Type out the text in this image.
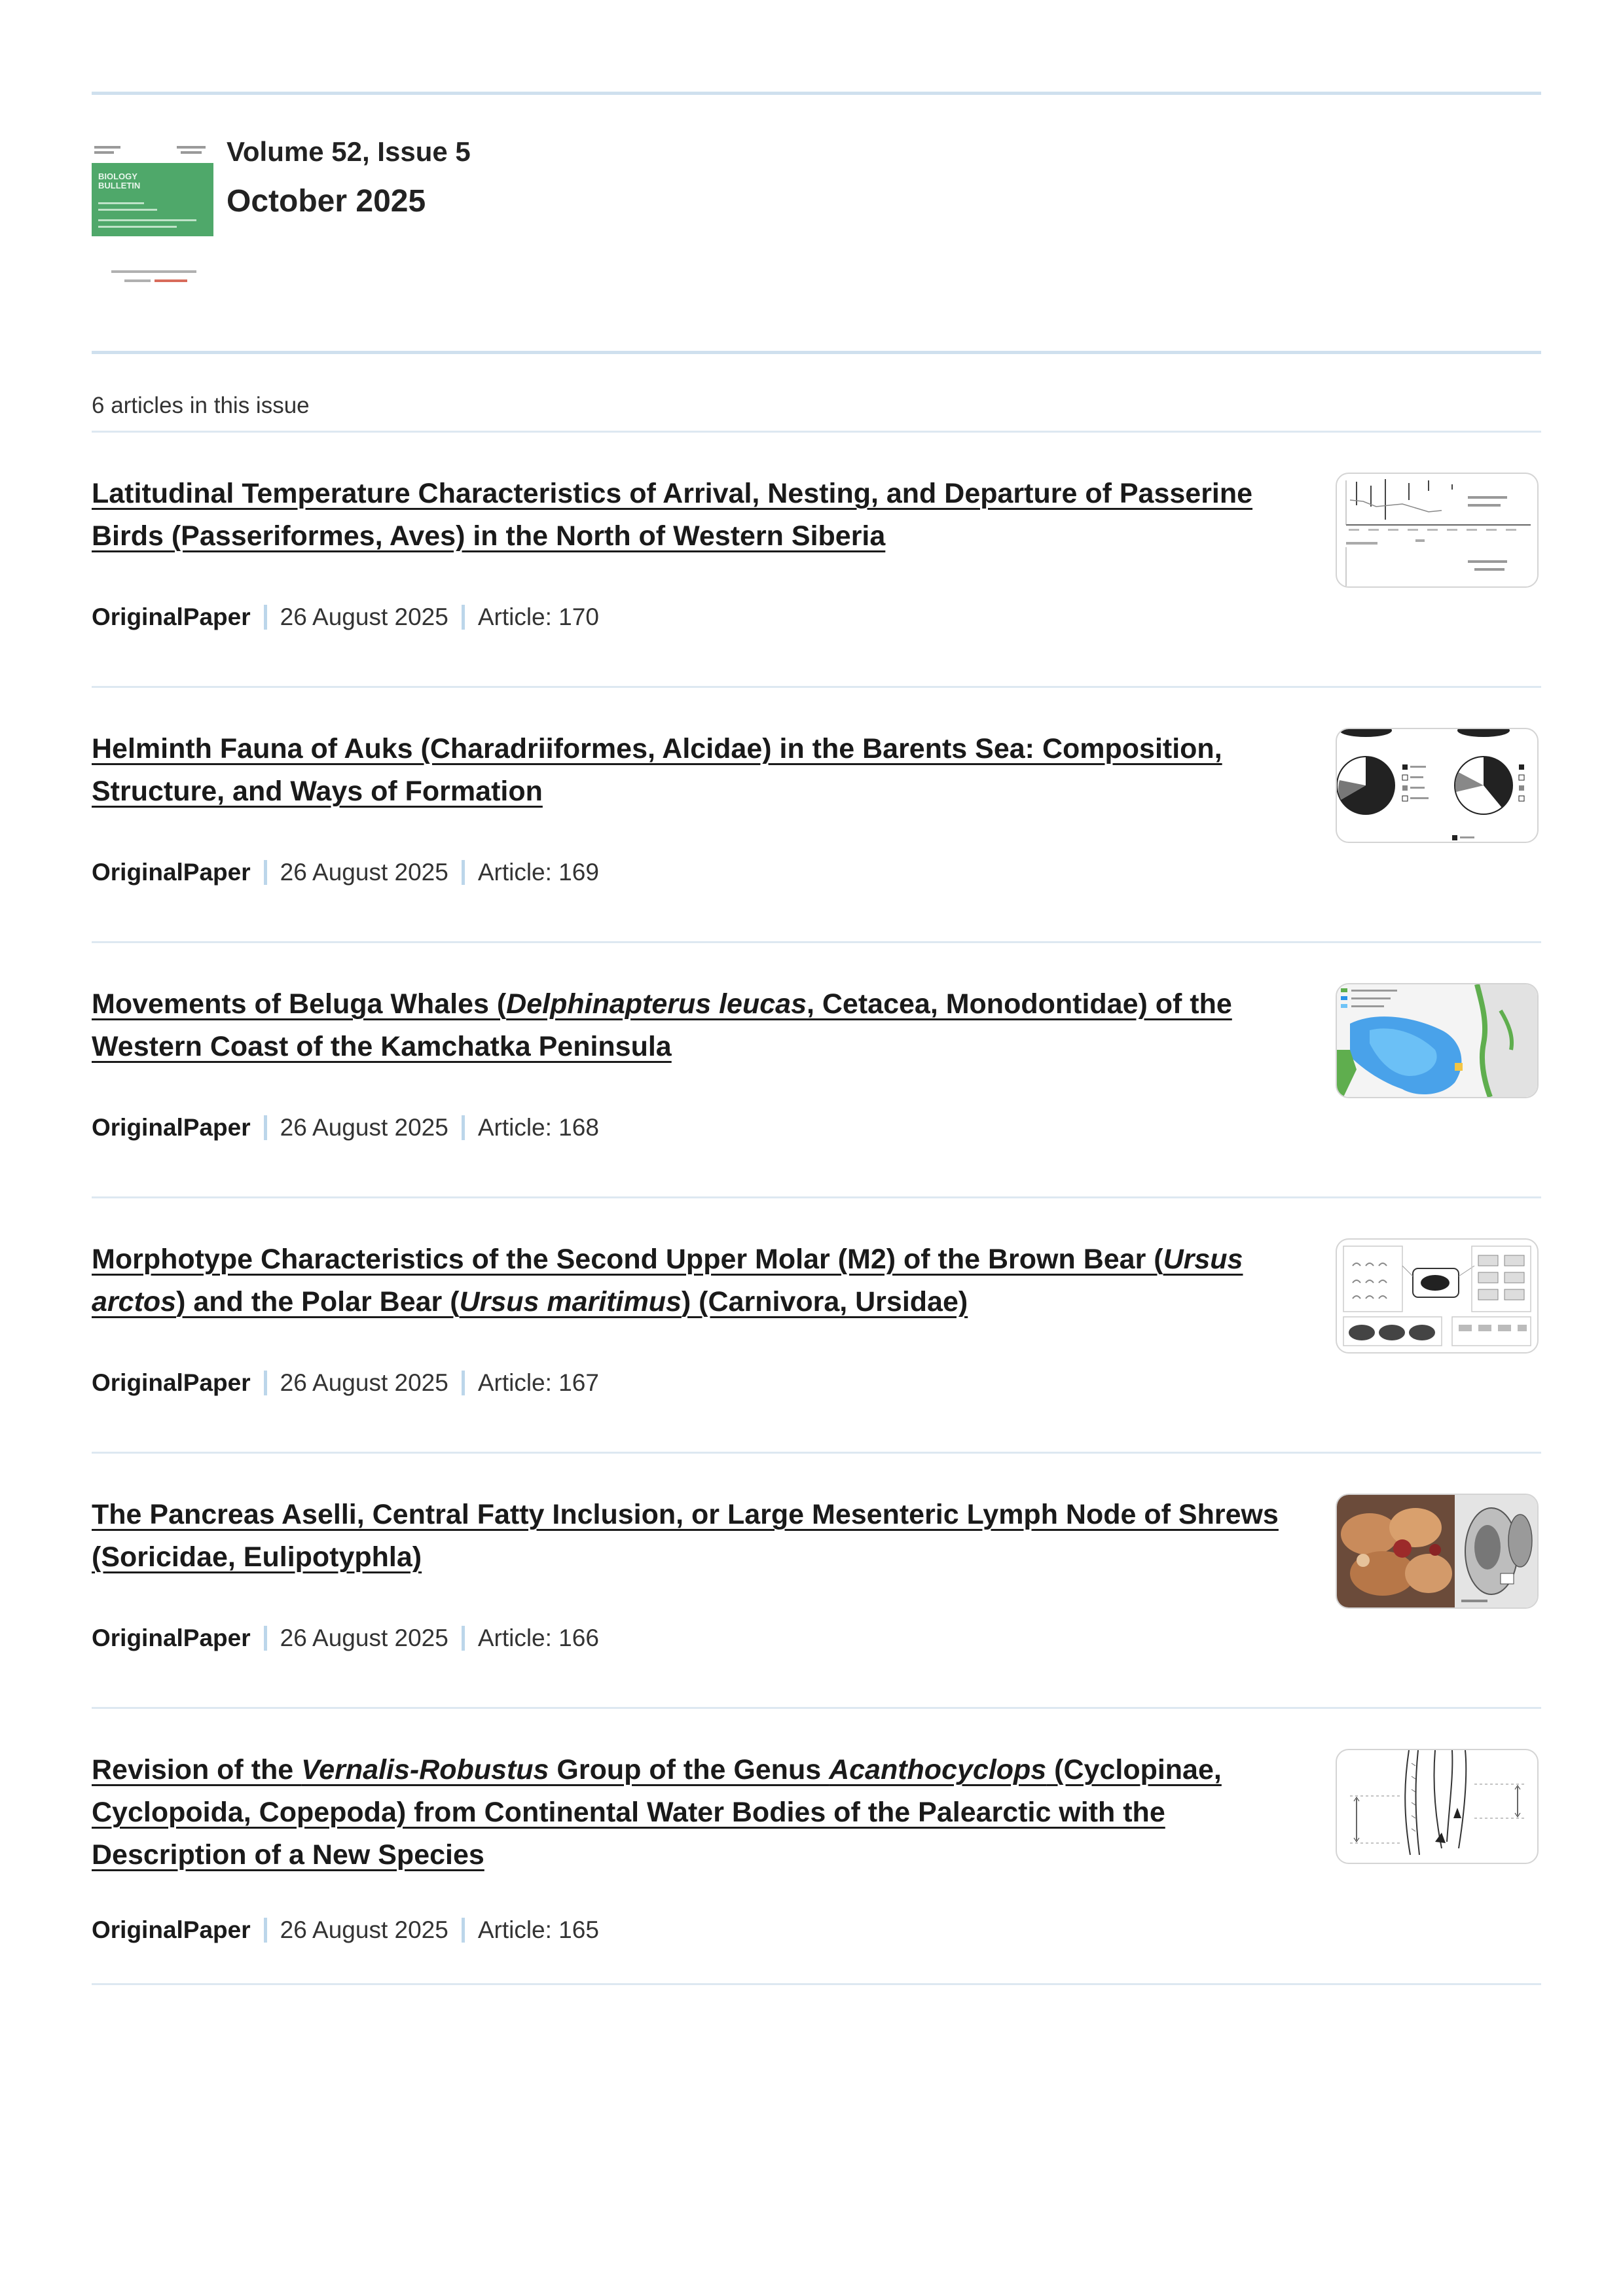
BIOLOGY BULLETIN
Volume 52, Issue 5
October 2025
6 articles in this issue
Latitudinal Temperature Characteristics of Arrival, Nesting, and Departure of Passerine Birds (Passeriformes, Aves) in the North of Western Siberia
OriginalPaper 26 August 2025 Article: 170
Helminth Fauna of Auks (Charadriiformes, Alcidae) in the Barents Sea: Composition, Structure, and Ways of Formation
OriginalPaper 26 August 2025 Article: 169
Movements of Beluga Whales (Delphinapterus leucas, Cetacea, Monodontidae) of the Western Coast of the Kamchatka Peninsula
OriginalPaper 26 August 2025 Article: 168
Morphotype Characteristics of the Second Upper Molar (M2) of the Brown Bear (Ursus arctos) and the Polar Bear (Ursus maritimus) (Carnivora, Ursidae)
OriginalPaper 26 August 2025 Article: 167
The Pancreas Aselli, Central Fatty Inclusion, or Large Mesenteric Lymph Node of Shrews (Soricidae, Eulipotyphla)
OriginalPaper 26 August 2025 Article: 166
Revision of the Vernalis-Robustus Group of the Genus Acanthocyclops (Cyclopinae, Cyclopoida, Copepoda) from Continental Water Bodies of the Palearctic with the Description of a New Species
OriginalPaper 26 August 2025 Article: 165
